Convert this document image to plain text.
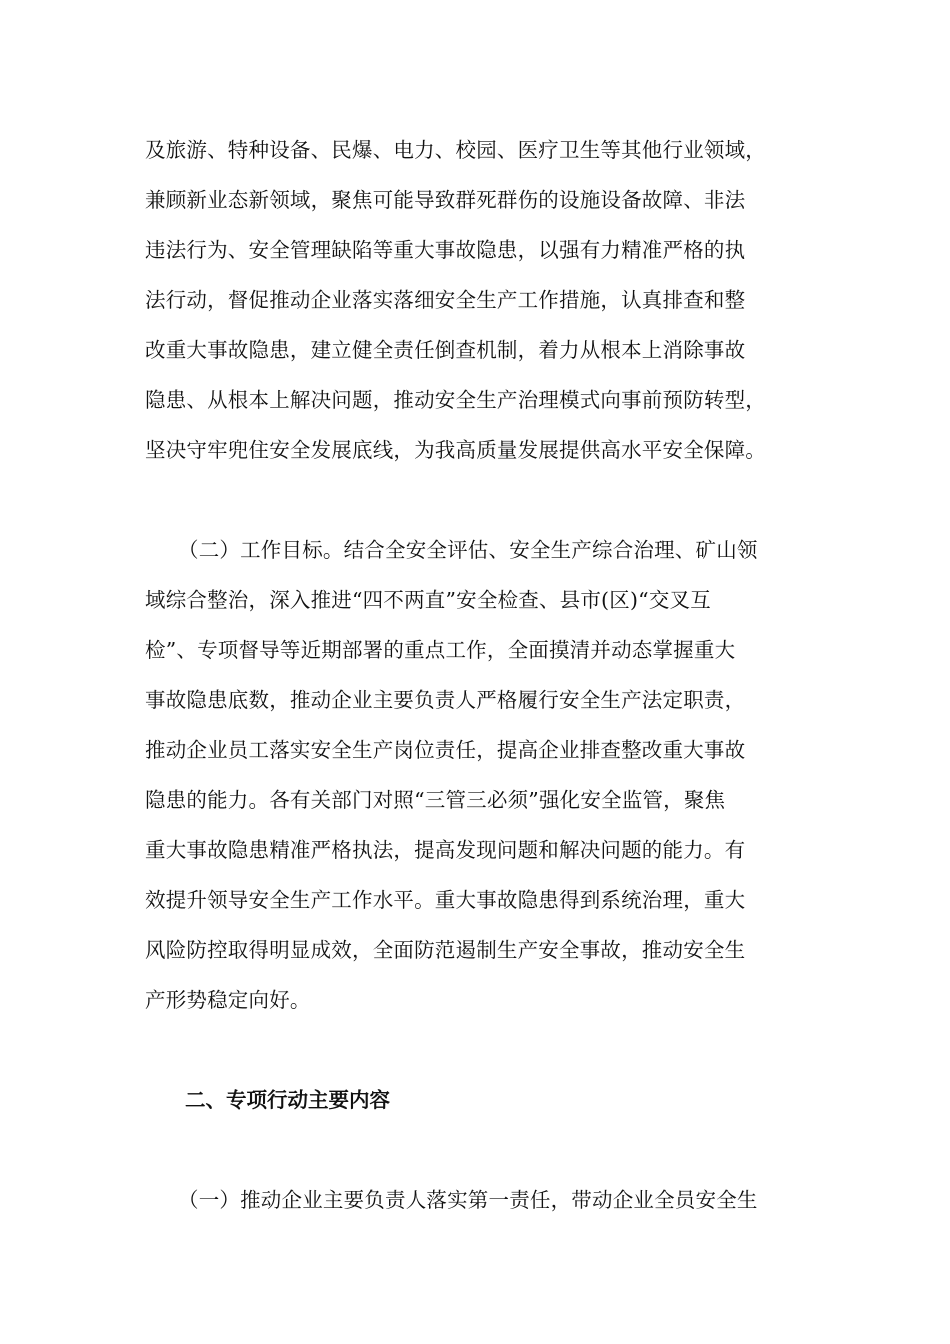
及旅游、特种设备、民爆、电力、校园、医疗卫生等其他行业领域，
兼顾新业态新领域，聚焦可能导致群死群伤的设施设备故障、非法
违法行为、安全管理缺陷等重大事故隐患，以强有力精准严格的执
法行动，督促推动企业落实落细安全生产工作措施，认真排查和整
改重大事故隐患，建立健全责任倒查机制，着力从根本上消除事故
隐患、从根本上解决问题，推动安全生产治理模式向事前预防转型，
坚决守牢兜住安全发展底线，为我高质量发展提供高水平安全保障。
（二）工作目标。结合全安全评估、安全生产综合治理、矿山领
域综合整治，深入推进“四不两直”安全检查、县市(区)“交叉互
检”、专项督导等近期部署的重点工作，全面摸清并动态掌握重大
事故隐患底数，推动企业主要负责人严格履行安全生产法定职责，
推动企业员工落实安全生产岗位责任，提高企业排查整改重大事故
隐患的能力。各有关部门对照“三管三必须”强化安全监管，聚焦
重大事故隐患精准严格执法，提高发现问题和解决问题的能力。有
效提升领导安全生产工作水平。重大事故隐患得到系统治理，重大
风险防控取得明显成效，全面防范遏制生产安全事故，推动安全生
产形势稳定向好。
二、专项行动主要内容
（一）推动企业主要负责人落实第一责任，带动企业全员安全生
